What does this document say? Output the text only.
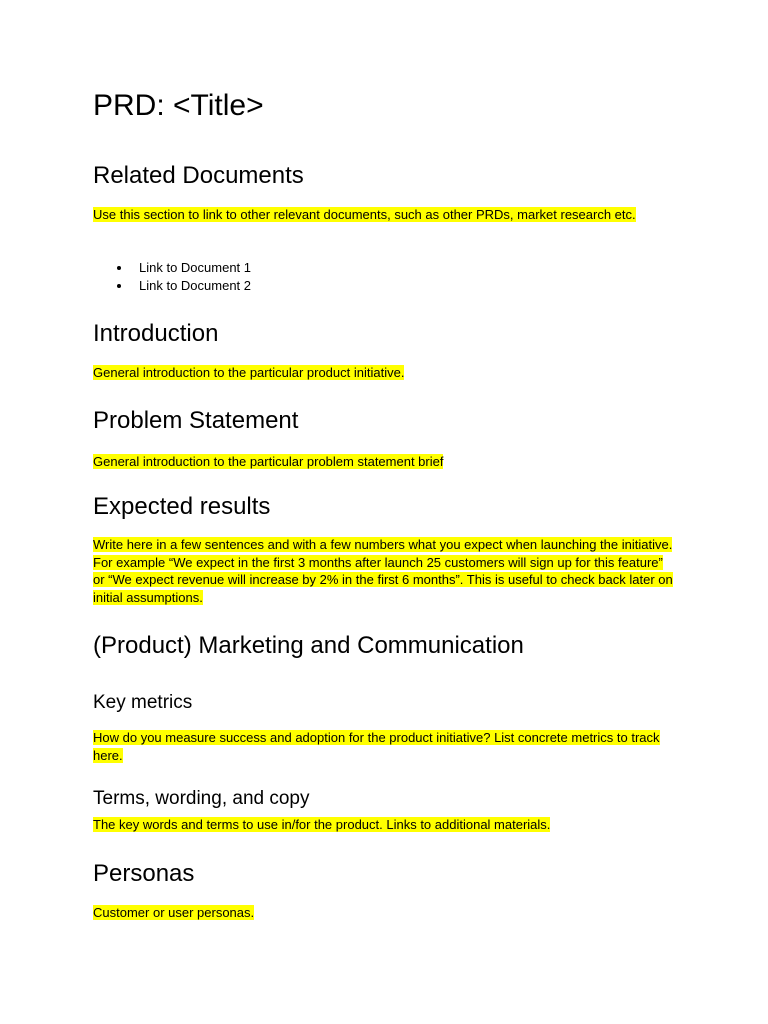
PRD: <Title>
Related Documents

Use this section to link to other relevant documents, such as other PRDs, market research etc.

Link to Document 1
Link to Document 2
Introduction

General introduction to the particular product initiative.

Problem Statement

General introduction to the particular problem statement brief

Expected results

Write here in a few sentences and with a few numbers what you expect when launching the initiative. For example “We expect in the first 3 months after launch 25 customers will sign up for this feature” or “We expect revenue will increase by 2% in the first 6 months”. This is useful to check back later on initial assumptions.

(Product) Marketing and Communication
Key metrics

How do you measure success and adoption for the product initiative? List concrete metrics to track here.

Terms, wording, and copy

The key words and terms to use in/for the product. Links to additional materials.

Personas

Customer or user personas.
